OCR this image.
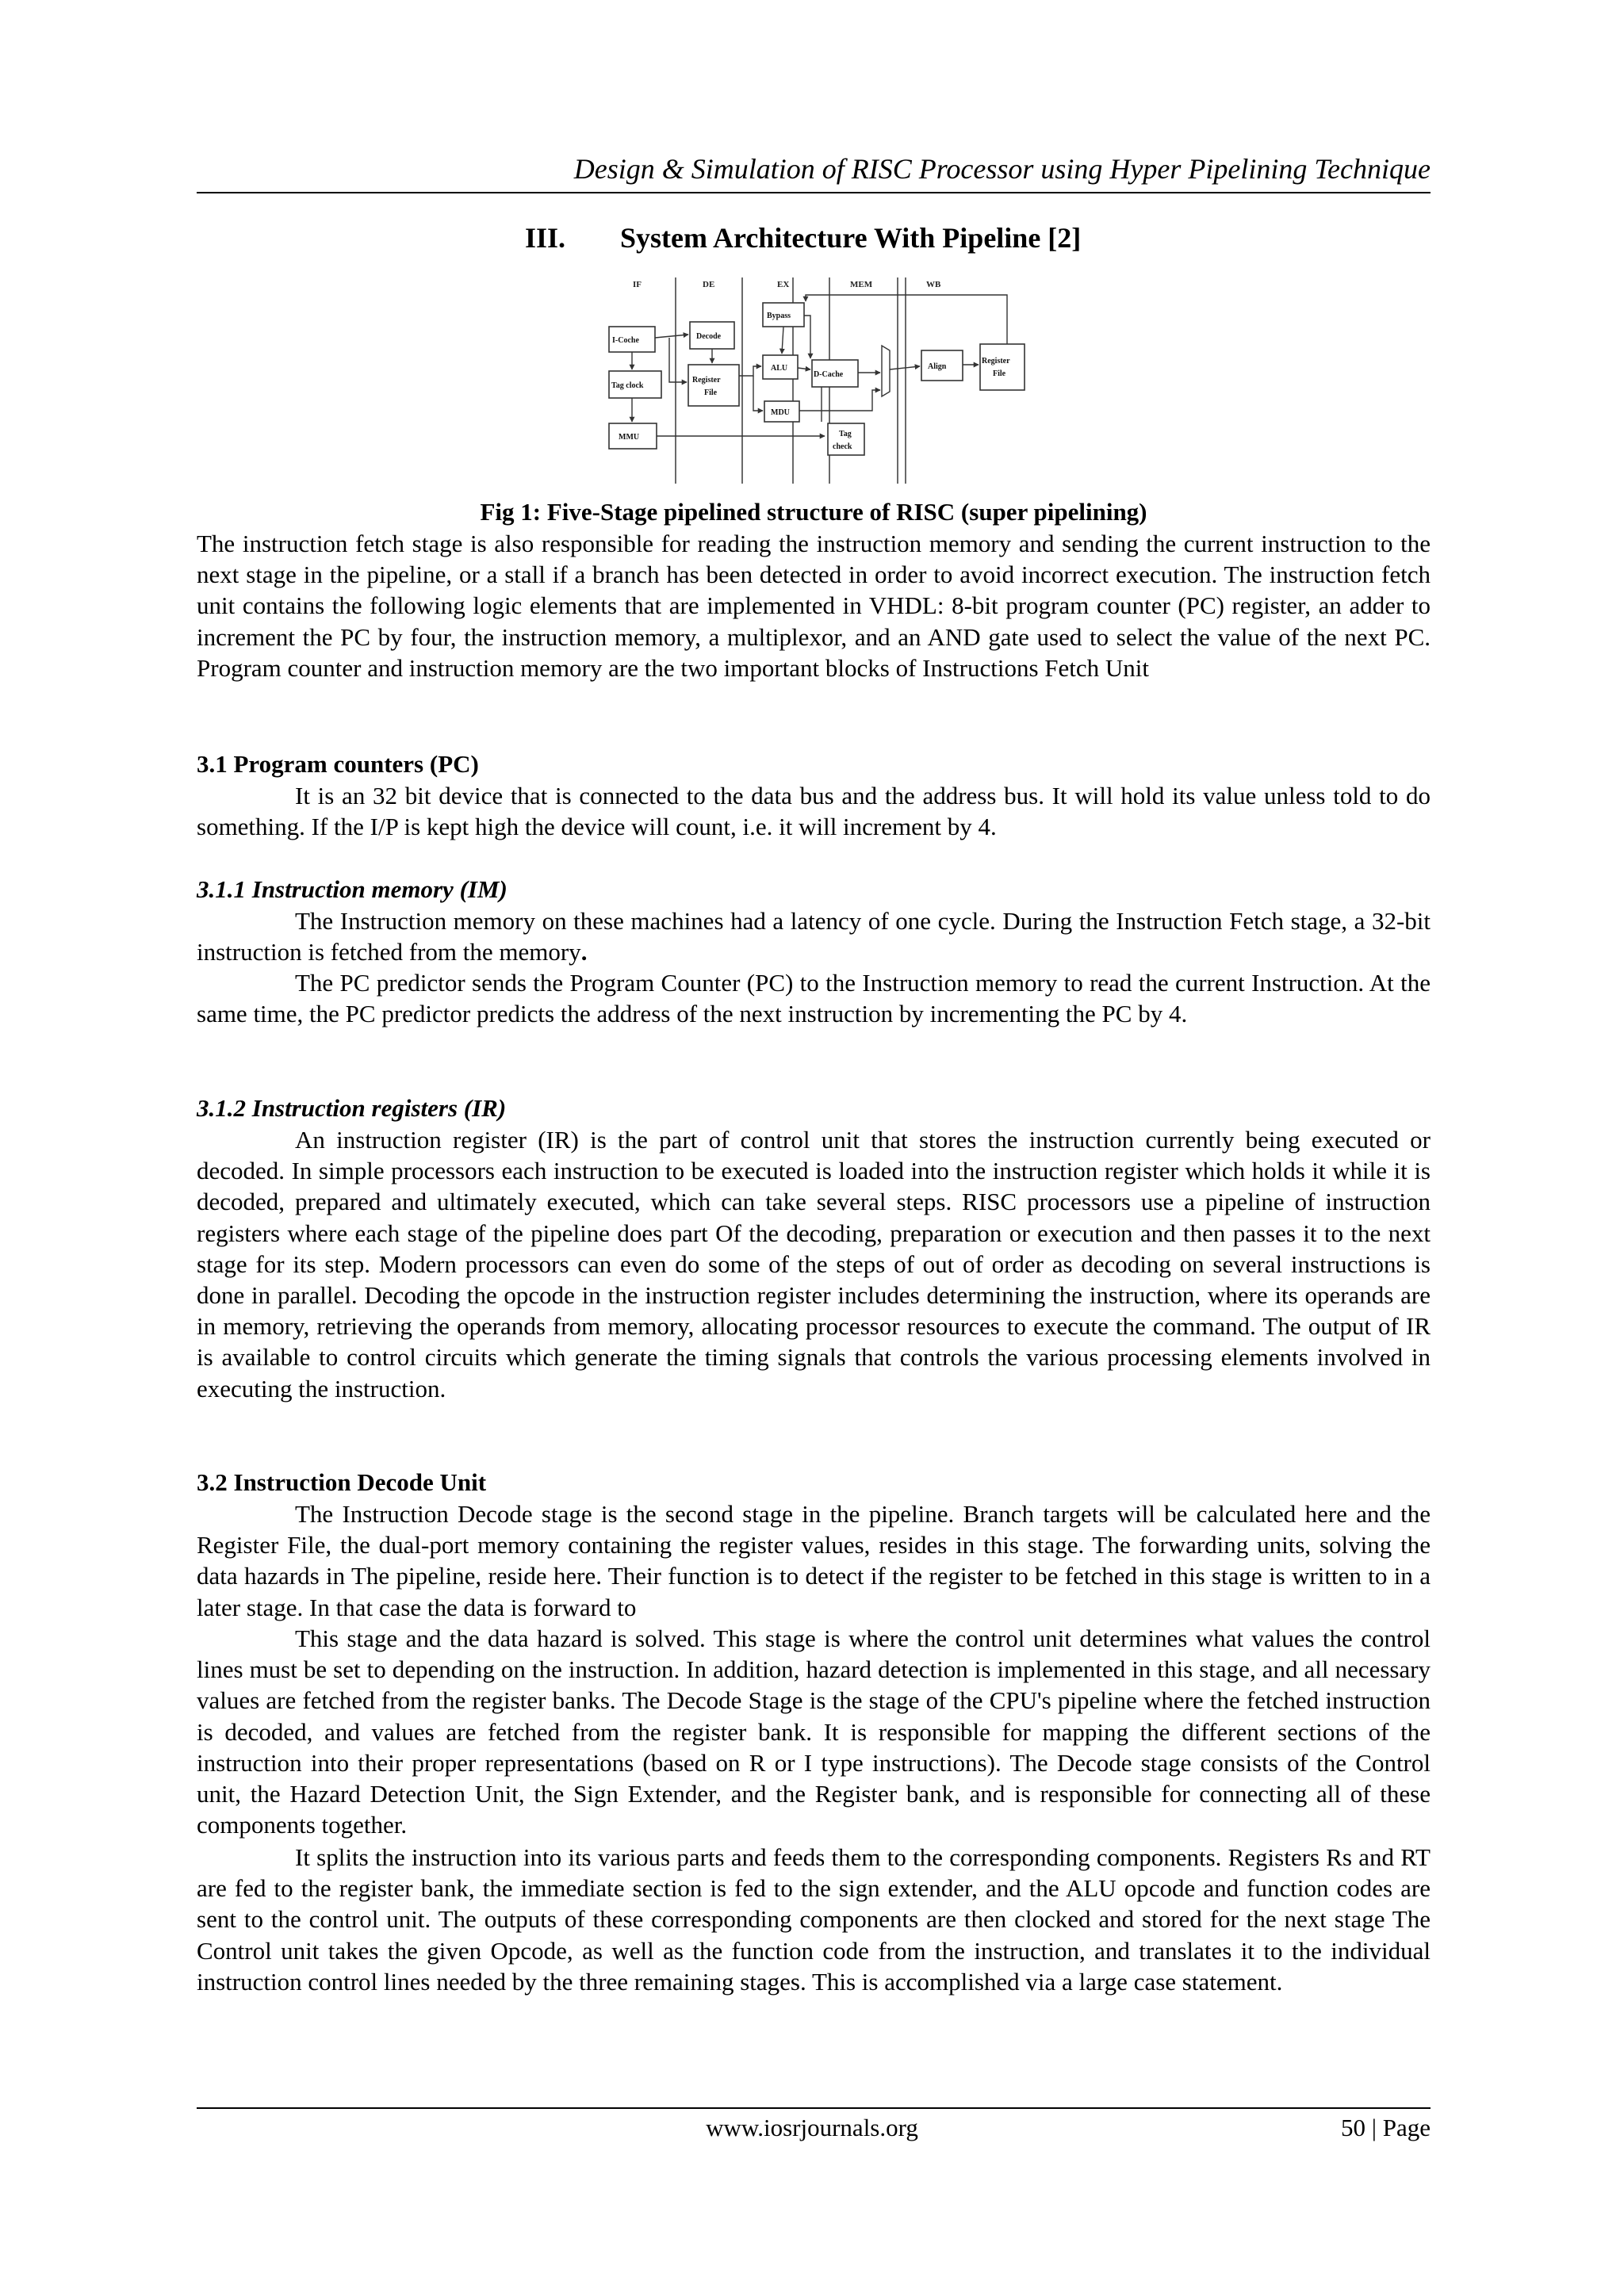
Design & Simulation of RISC Processor using Hyper Pipelining Technique
III. System Architecture With Pipeline [2]
IF	DE	EX	MEM	WB
I-Coche
Tag clock
MMU
Decode
Register
File
Bypass
ALU
MDU
D-Cache
Tag
check
Align
Register
File
Fig 1: Five-Stage pipelined structure of RISC (super pipelining)

The instruction fetch stage is also responsible for reading the instruction memory and sending the current instruction to the next stage in the pipeline, or a stall if a branch has been detected in order to avoid incorrect execution. The instruction fetch unit contains the following logic elements that are implemented in VHDL: 8-bit program counter (PC) register, an adder to increment the PC by four, the instruction memory, a multiplexor, and an AND gate used to select the value of the next PC. Program counter and instruction memory are the two important blocks of Instructions Fetch Unit

3.1 Program counters (PC)

It is an 32 bit device that is connected to the data bus and the address bus. It will hold its value unless told to do something. If the I/P is kept high the device will count, i.e. it will increment by 4.

3.1.1 Instruction memory (IM)

The Instruction memory on these machines had a latency of one cycle. During the Instruction Fetch stage, a 32-bit instruction is fetched from the memory.

The PC predictor sends the Program Counter (PC) to the Instruction memory to read the current Instruction. At the same time, the PC predictor predicts the address of the next instruction by incrementing the PC by 4.

3.1.2 Instruction registers (IR)

An instruction register (IR) is the part of control unit that stores the instruction currently being executed or decoded. In simple processors each instruction to be executed is loaded into the instruction register which holds it while it is decoded, prepared and ultimately executed, which can take several steps. RISC processors use a pipeline of instruction registers where each stage of the pipeline does part Of the decoding, preparation or execution and then passes it to the next stage for its step. Modern processors can even do some of the steps of out of order as decoding on several instructions is done in parallel. Decoding the opcode in the instruction register includes determining the instruction, where its operands are in memory, retrieving the operands from memory, allocating processor resources to execute the command. The output of IR is available to control circuits which generate the timing signals that controls the various processing elements involved in executing the instruction.

3.2 Instruction Decode Unit

The Instruction Decode stage is the second stage in the pipeline. Branch targets will be calculated here and the Register File, the dual-port memory containing the register values, resides in this stage. The forwarding units, solving the data hazards in The pipeline, reside here. Their function is to detect if the register to be fetched in this stage is written to in a later stage. In that case the data is forward to

This stage and the data hazard is solved. This stage is where the control unit determines what values the control lines must be set to depending on the instruction. In addition, hazard detection is implemented in this stage, and all necessary values are fetched from the register banks. The Decode Stage is the stage of the CPU's pipeline where the fetched instruction is decoded, and values are fetched from the register bank. It is responsible for mapping the different sections of the instruction into their proper representations (based on R or I type instructions). The Decode stage consists of the Control unit, the Hazard Detection Unit, the Sign Extender, and the Register bank, and is responsible for connecting all of these components together.

It splits the instruction into its various parts and feeds them to the corresponding components. Registers Rs and RT are fed to the register bank, the immediate section is fed to the sign extender, and the ALU opcode and function codes are sent to the control unit. The outputs of these corresponding components are then clocked and stored for the next stage The Control unit takes the given Opcode, as well as the function code from the instruction, and translates it to the individual instruction control lines needed by the three remaining stages. This is accomplished via a large case statement.

www.iosrjournals.org	50 | Page
